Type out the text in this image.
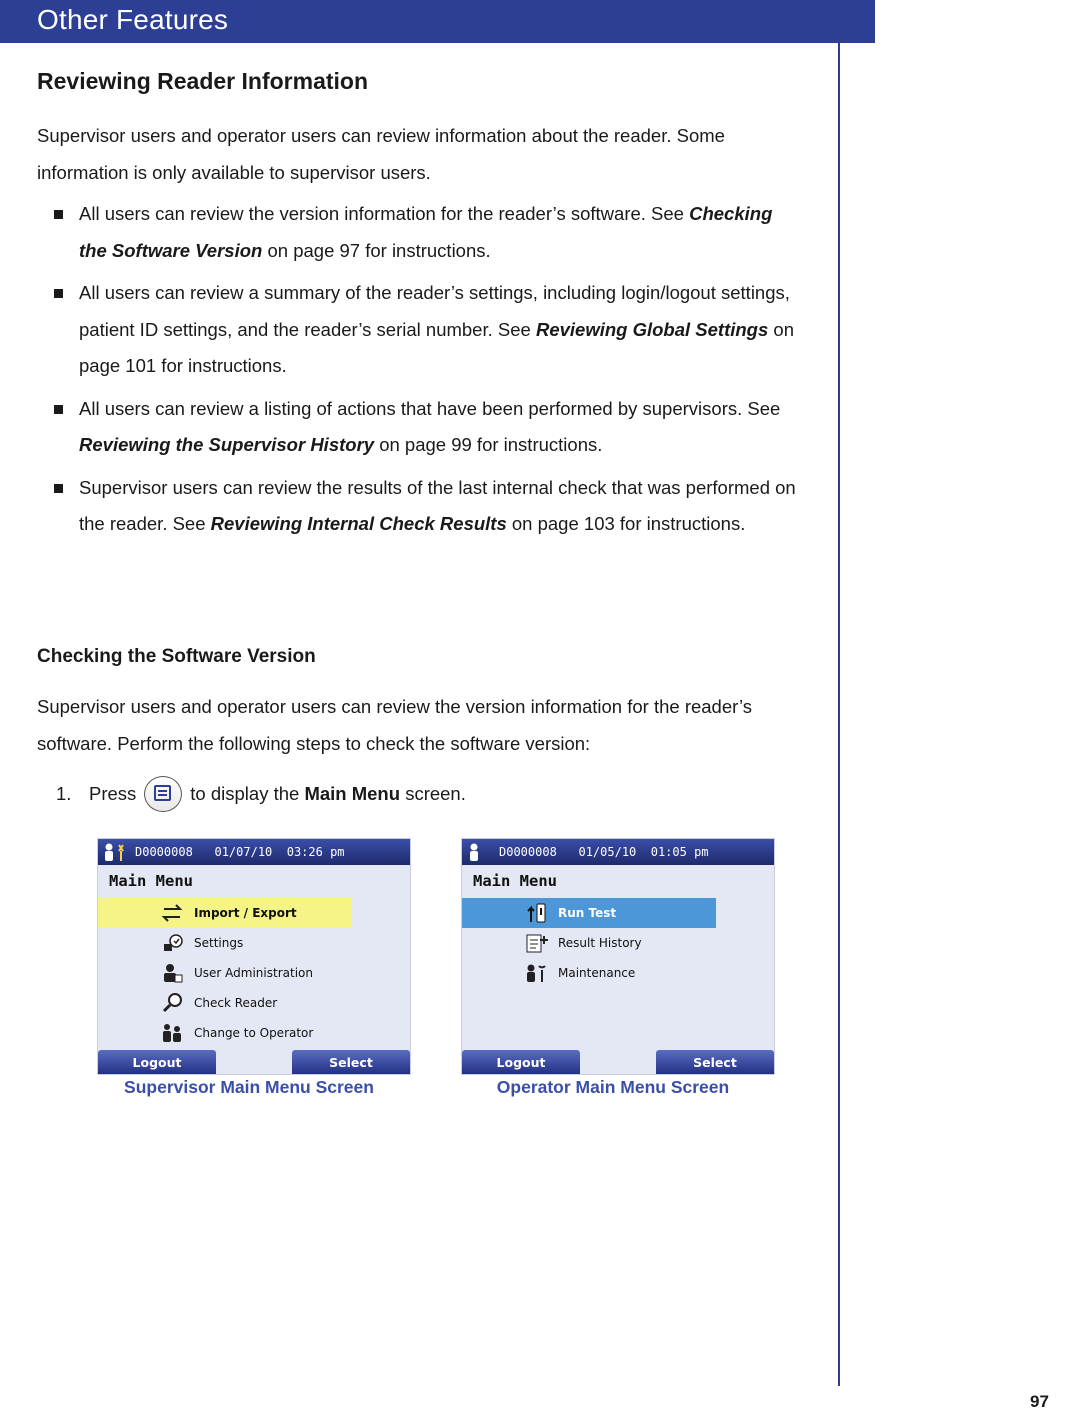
Other Features
97
Reviewing Reader Information
Supervisor users and operator users can review information about the reader. Some information is only available to supervisor users.
All users can review the version information for the reader’s software. See Checking the Software Version on page 97 for instructions.
All users can review a summary of the reader’s settings, including login/logout settings, patient ID settings, and the reader’s serial number. See Reviewing Global Settings on page 101 for instructions.
All users can review a listing of actions that have been performed by supervisors. See Reviewing the Supervisor History on page 99 for instructions.
Supervisor users can review the results of the last internal check that was performed on the reader. See Reviewing Internal Check Results on page 103 for instructions.
Checking the Software Version
Supervisor users and operator users can review the version information for the reader’s software. Perform the following steps to check the software version:
1. Press	to display the
Main Menu
screen.
D0000008   01/07/10  03:26 pm
Main Menu
Import / Export
Settings
User Administration
Check Reader
Change to Operator
Logout	Select
Supervisor Main Menu Screen
D0000008   01/05/10  01:05 pm
Main Menu
Run Test
Result History
Maintenance
Logout	Select
Operator Main Menu Screen
